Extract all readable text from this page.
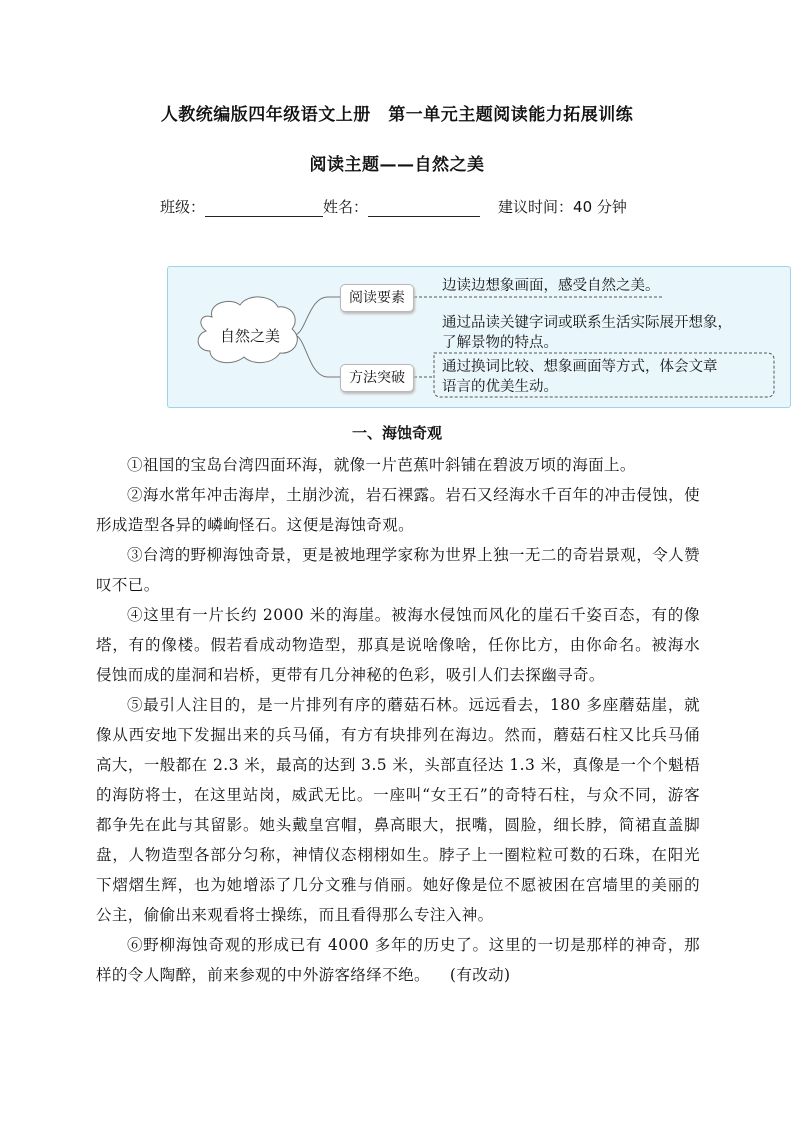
人教统编版四年级语文上册　第一单元主题阅读能力拓展训练
阅读主题——自然之美
班级：	姓名：	建议时间：40 分钟
自然之美
阅读要素
方法突破
边读边想象画面，感受自然之美。
通过品读关键字词或联系生活实际展开想象，
了解景物的特点。
通过换词比较、想象画面等方式，体会文章
语言的优美生动。
一、海蚀奇观

①祖国的宝岛台湾四面环海，就像一片芭蕉叶斜铺在碧波万顷的海面上。

②海水常年冲击海岸，土崩沙流，岩石裸露。岩石又经海水千百年的冲击侵蚀，使形成造型各异的嶙峋怪石。这便是海蚀奇观。

③台湾的野柳海蚀奇景，更是被地理学家称为世界上独一无二的奇岩景观，令人赞叹不已。

④这里有一片长约 2000 米的海崖。被海水侵蚀而风化的崖石千姿百态，有的像塔，有的像楼。假若看成动物造型，那真是说啥像啥，任你比方，由你命名。被海水侵蚀而成的崖洞和岩桥，更带有几分神秘的色彩，吸引人们去探幽寻奇。

⑤最引人注目的，是一片排列有序的蘑菇石林。远远看去，180 多座蘑菇崖，就像从西安地下发掘出来的兵马俑，有方有块排列在海边。然而，蘑菇石柱又比兵马俑高大，一般都在 2.3 米，最高的达到 3.5 米，头部直径达 1.3 米，真像是一个个魁梧的海防将士，在这里站岗，威武无比。一座叫“女王石”的奇特石柱，与众不同，游客都争先在此与其留影。她头戴皇宫帽，鼻高眼大，抿嘴，圆脸，细长脖，简裙直盖脚盘，人物造型各部分匀称，神情仪态栩栩如生。脖子上一圈粒粒可数的石珠，在阳光下熠熠生辉，也为她增添了几分文雅与俏丽。她好像是位不愿被困在宫墙里的美丽的公主，偷偷出来观看将士操练，而且看得那么专注入神。

⑥野柳海蚀奇观的形成已有 4000 多年的历史了。这里的一切是那样的神奇，那样的令人陶醉，前来参观的中外游客络绎不绝。 (有改动)
